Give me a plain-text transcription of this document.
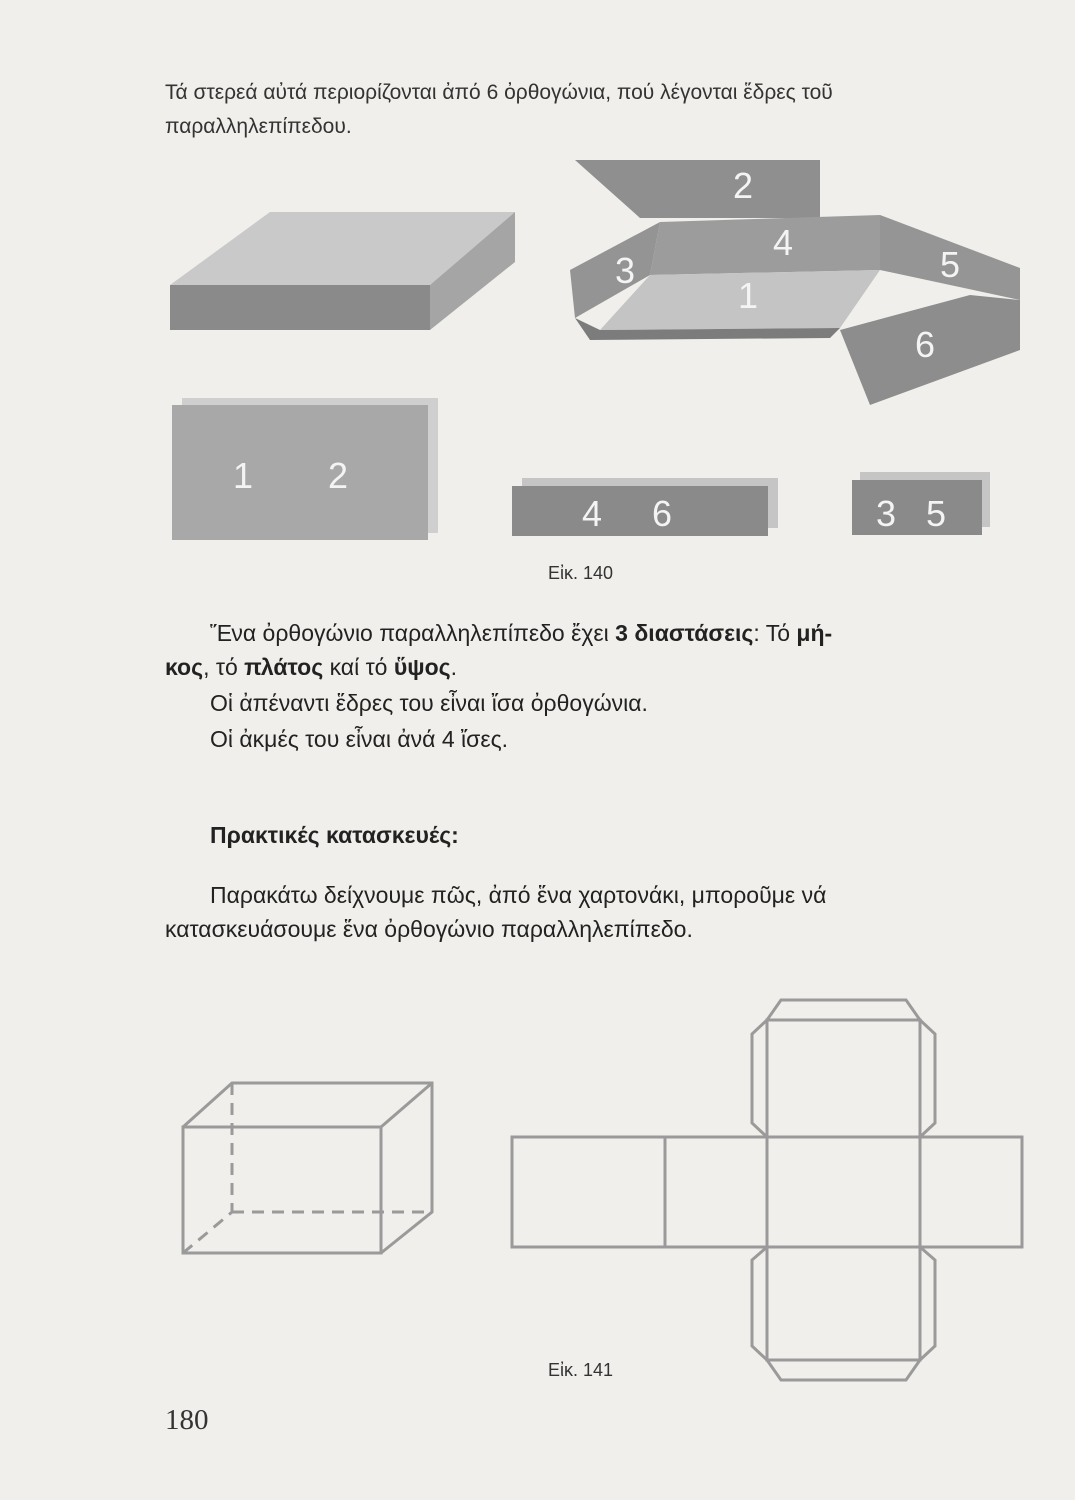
Τά στερεά αὐτά περιορίζονται ἀπό 6 ὀρθογώνια, πού λέγονται ἕδρες τοῦ
παραλληλεπίπεδου.
2
3
4
1
5
6
1 2
4 6	3 5
Εἰκ. 140
Ἕνα ὀρθογώνιο παραλληλεπίπεδο ἔχει 3 διαστάσεις: Τό μή-
κος, τό πλάτος καί τό ὕψος.
Οἱ ἀπέναντι ἕδρες του εἶναι ἴσα ὀρθογώνια.
Οἱ ἀκμές του εἶναι ἀνά 4 ἴσες.
Πρακτικές κατασκευές:
Παρακάτω δείχνουμε πῶς, ἀπό ἕνα χαρτονάκι, μποροῦμε νά
κατασκευάσουμε ἕνα ὀρθογώνιο παραλληλεπίπεδο.
Εἰκ. 141
180
